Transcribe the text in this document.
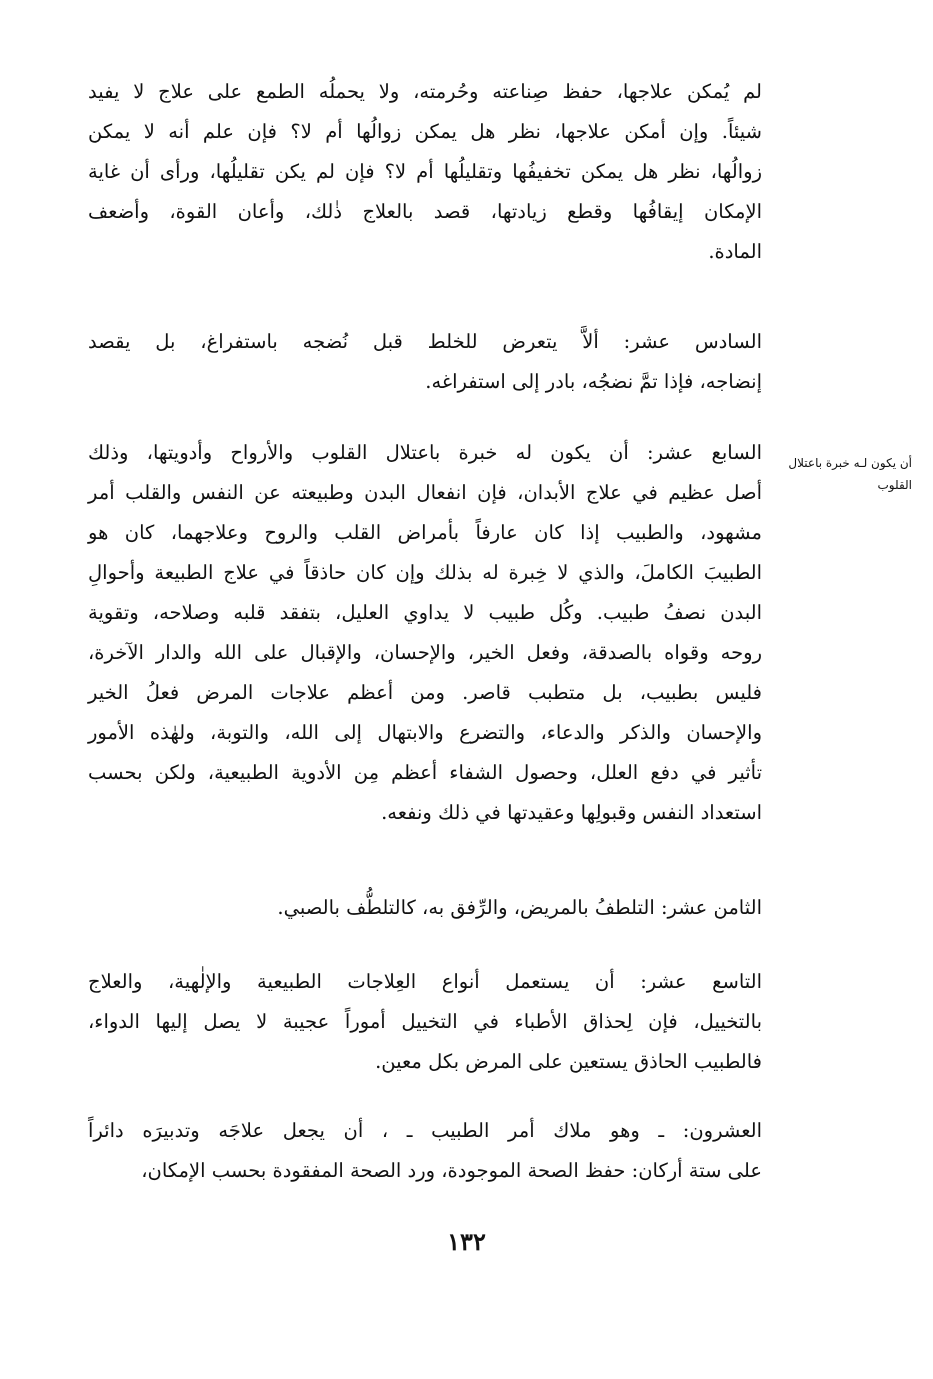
لم يُمكن علاجها، حفظ صِناعته وحُرمته، ولا يحملُه الطمع على علاج لا يفيد
شيئاً. وإن أمكن علاجها، نظر هل يمكن زوالُها أم لا؟ فإن علم أنه لا يمكن
زوالُها، نظر هل يمكن تخفيفُها وتقليلُها أم لا؟ فإن لم يكن تقليلُها، ورأى أن غاية
الإمكان إيقافُها وقطع زيادتها، قصد بالعلاج ذٰلك، وأعان القوة، وأضعف
المادة.
السادس عشر: ألاَّ يتعرض للخلط قبل نُضجه باستفراغ، بل يقصد
إنضاجه، فإذا تمَّ نضجُه، بادر إلى استفراغه.
السابع عشر: أن يكون له خبرة باعتلال القلوب والأرواح وأدويتها، وذلك
أصل عظيم في علاج الأبدان، فإن انفعال البدن وطبيعته عن النفس والقلب أمر
مشهود، والطبيب إذا كان عارفاً بأمراض القلب والروح وعلاجهما، كان هو
الطبيبَ الكاملَ، والذي لا خِبرة له بذلك وإن كان حاذقاً في علاج الطبيعة وأحوالِ
البدن نصفُ طبيب. وكُل طبيب لا يداوي العليل، بتفقد قلبه وصلاحه، وتقوية
روحه وقواه بالصدقة، وفعل الخير، والإحسان، والإقبال على الله والدار الآخرة،
فليس بطبيب، بل متطبب قاصر. ومن أعظم علاجات المرض فعلُ الخير
والإحسان والذكر والدعاء، والتضرع والابتهال إلى الله، والتوبة، ولهٰذه الأمور
تأثير في دفع العلل، وحصول الشفاء أعظم مِن الأدوية الطبيعية، ولكن بحسب
استعداد النفس وقبولِها وعقيدتها في ذلك ونفعه.
الثامن عشر: التلطفُ بالمريض، والرِّفق به، كالتلطُّف بالصبي.
التاسع عشر: أن يستعمل أنواع العِلاجات الطبيعية والإلٰهية، والعلاج
بالتخييل، فإن لِحذاق الأطباء في التخييل أموراً عجيبة لا يصل إليها الدواء،
فالطبيب الحاذق يستعين على المرض بكل معين.
العشرون: ـ وهو ملاك أمر الطبيب ـ ، أن يجعل علاجَه وتدبيرَه دائراً
على ستة أركان: حفظ الصحة الموجودة، ورد الصحة المفقودة بحسب الإمكان،
أن يكون لـه خبرة باعتلال
القلوب
١٣٢
